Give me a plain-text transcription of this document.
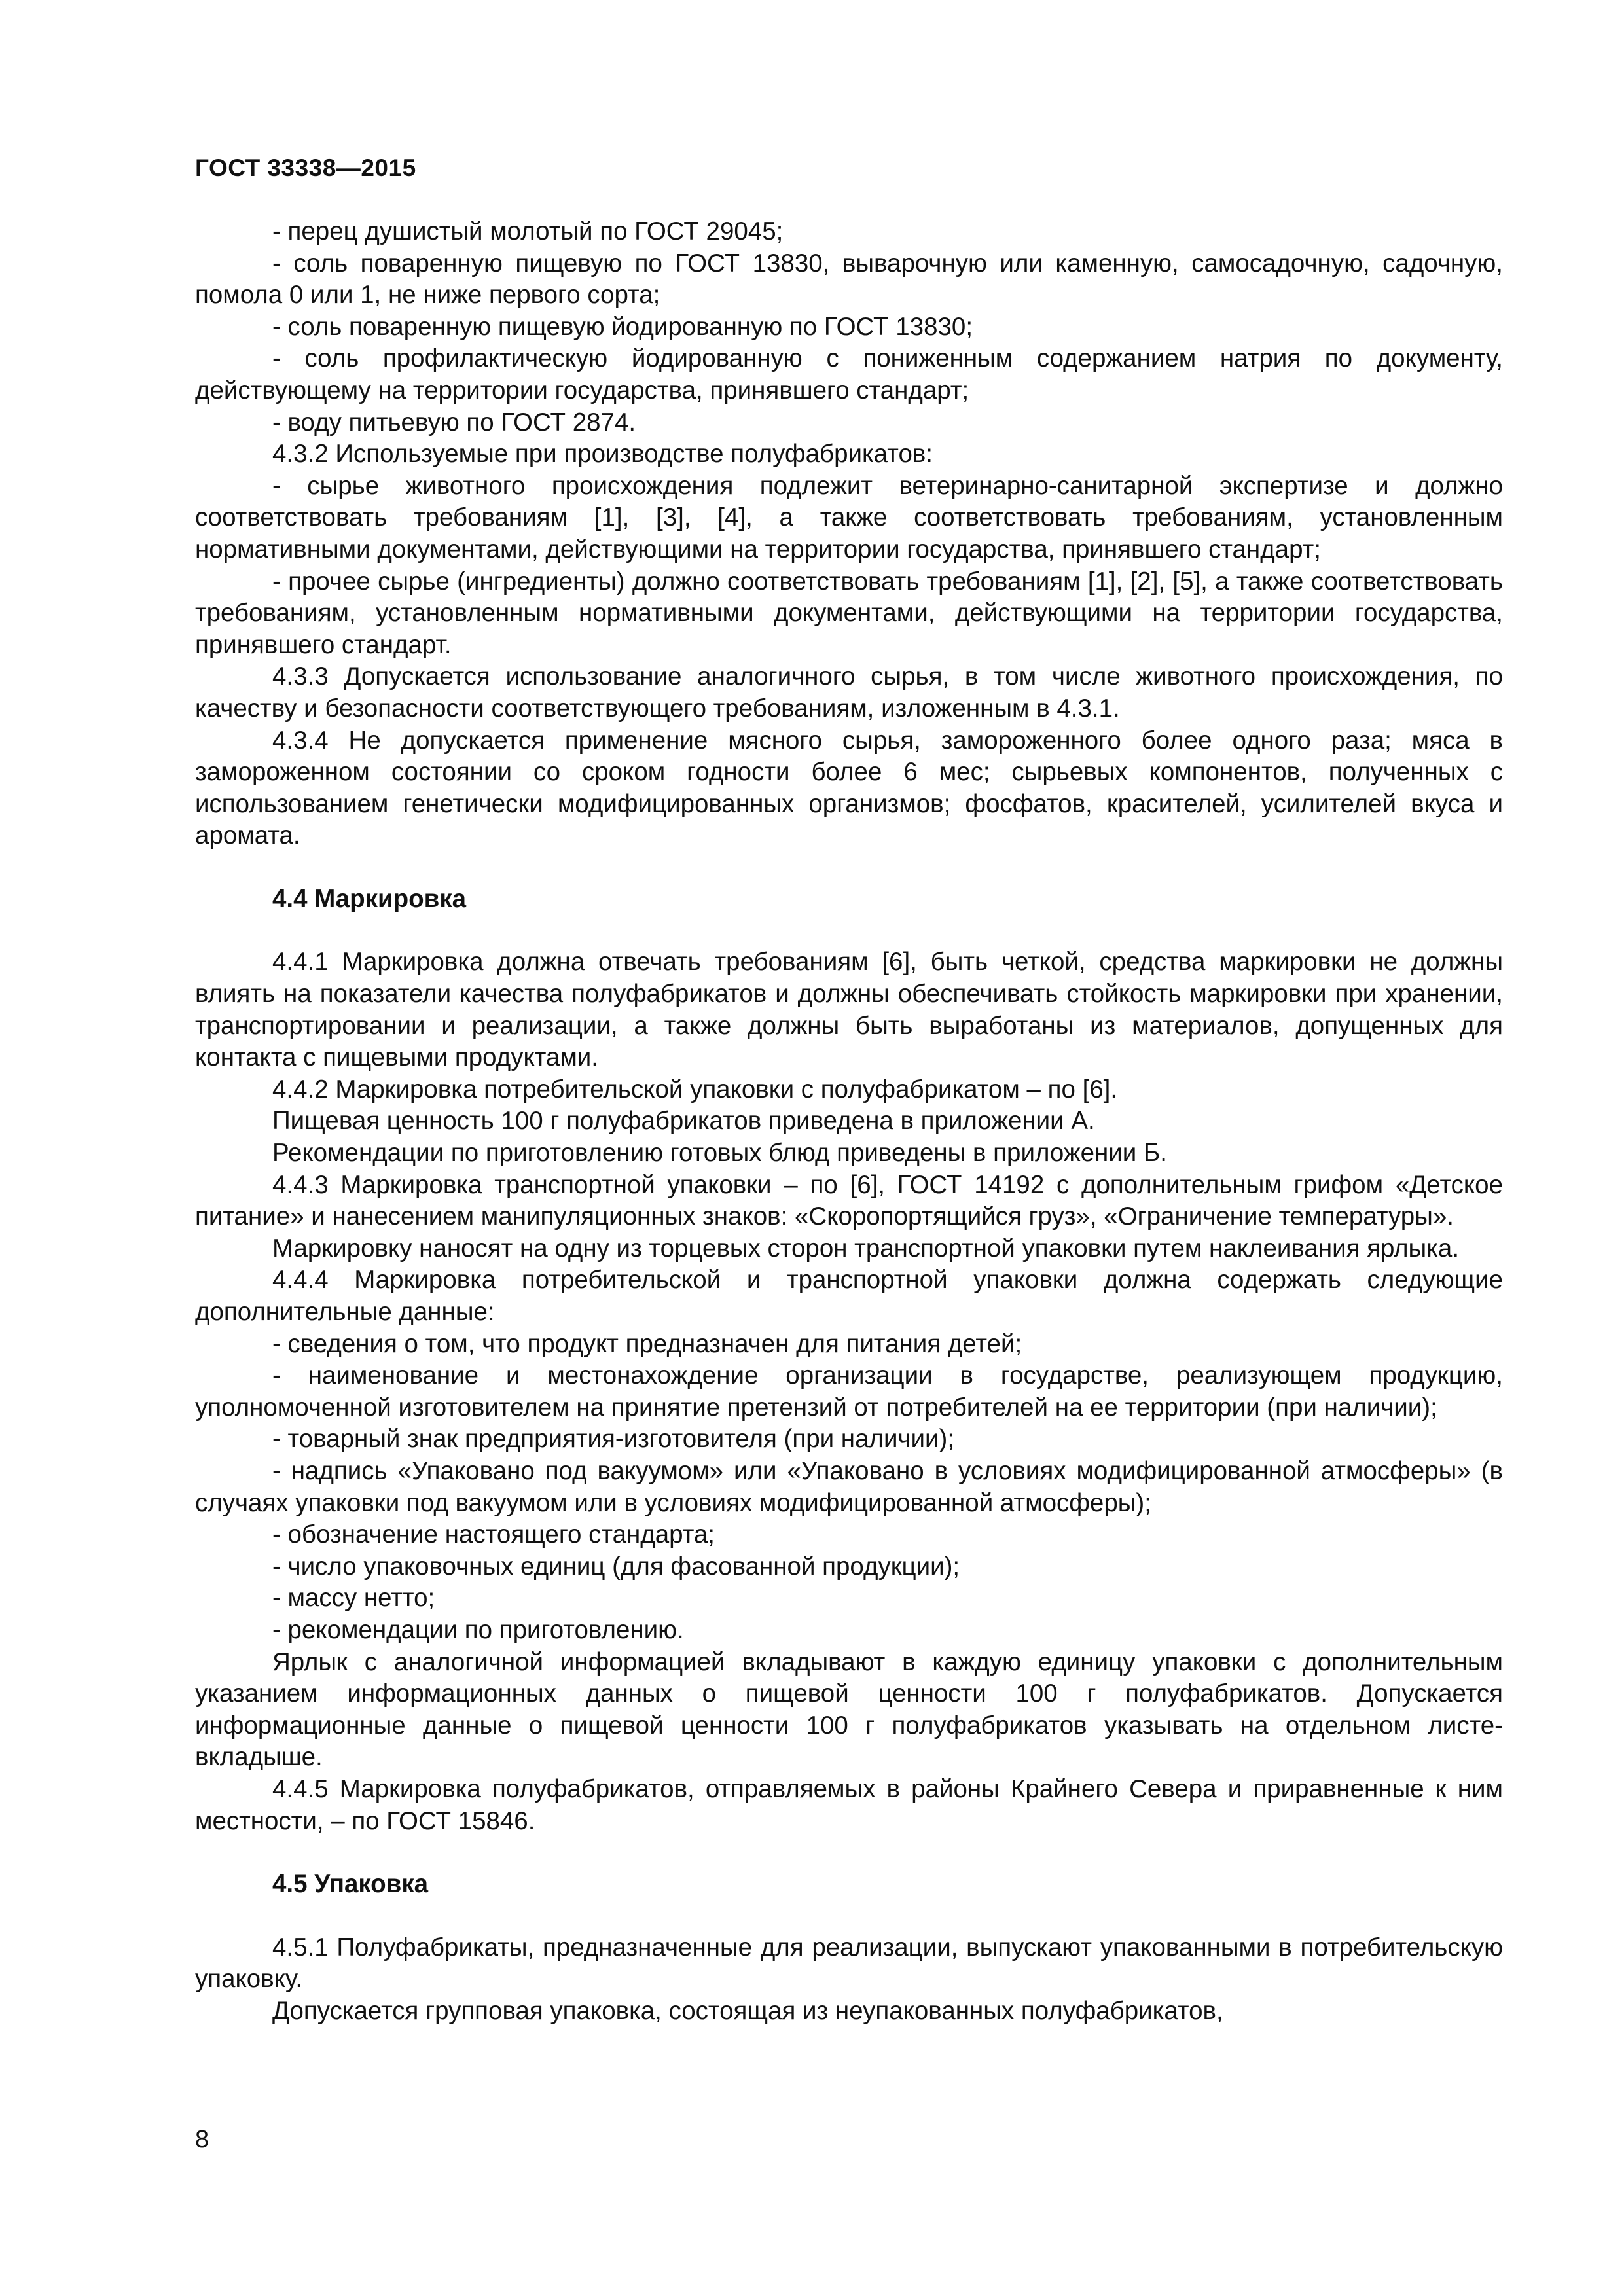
ГОСТ 33338—2015

- перец душистый молотый по ГОСТ 29045;

- соль поваренную пищевую по ГОСТ 13830, выварочную или каменную, самосадочную, садочную, помола 0 или 1, не ниже первого сорта;

- соль поваренную пищевую йодированную по ГОСТ 13830;

- соль профилактическую йодированную с пониженным содержанием натрия по документу, действующему на территории государства, принявшего стандарт;

- воду питьевую по ГОСТ 2874.

4.3.2 Используемые при производстве полуфабрикатов:

- сырье животного происхождения подлежит ветеринарно-санитарной экспертизе и должно соответствовать требованиям [1], [3], [4], а также соответствовать требованиям, установленным нормативными документами, действующими на территории государства, принявшего стандарт;

- прочее сырье (ингредиенты) должно соответствовать требованиям [1], [2], [5], а также соответствовать требованиям, установленным нормативными документами, действующими на территории государства, принявшего стандарт.

4.3.3 Допускается использование аналогичного сырья, в том числе животного происхождения, по качеству и безопасности соответствующего требованиям, изложенным в 4.3.1.

4.3.4 Не допускается применение мясного сырья, замороженного более одного раза; мяса в замороженном состоянии со сроком годности более 6 мес; сырьевых компонентов, полученных с использованием генетически модифицированных организмов; фосфатов, красителей, усилителей вкуса и аромата.

4.4 Маркировка

4.4.1 Маркировка должна отвечать требованиям [6], быть четкой, средства маркировки не должны влиять на показатели качества полуфабрикатов и должны обеспечивать стойкость маркировки при хранении, транспортировании и реализации, а также должны быть выработаны из материалов, допущенных для контакта с пищевыми продуктами.

4.4.2 Маркировка потребительской упаковки с полуфабрикатом – по [6].

Пищевая ценность 100 г полуфабрикатов приведена в приложении А.

Рекомендации по приготовлению готовых блюд приведены в приложении Б.

4.4.3 Маркировка транспортной упаковки – по [6], ГОСТ 14192 с дополнительным грифом «Детское питание» и нанесением манипуляционных знаков: «Скоропортящийся груз», «Ограничение температуры».

Маркировку наносят на одну из торцевых сторон транспортной упаковки путем наклеивания ярлыка.

4.4.4 Маркировка потребительской и транспортной упаковки должна содержать следующие дополнительные данные:

- сведения о том, что продукт предназначен для питания детей;

- наименование и местонахождение организации в государстве, реализующем продукцию, уполномоченной изготовителем на принятие претензий от потребителей на ее территории (при наличии);

- товарный знак предприятия-изготовителя (при наличии);

- надпись «Упаковано под вакуумом» или «Упаковано в условиях модифицированной атмосферы» (в случаях упаковки под вакуумом или в условиях модифицированной атмосферы);

- обозначение настоящего стандарта;

- число упаковочных единиц (для фасованной продукции);

- массу нетто;

- рекомендации по приготовлению.

Ярлык с аналогичной информацией вкладывают в каждую единицу упаковки с дополнительным указанием информационных данных о пищевой ценности 100 г полуфабрикатов. Допускается информационные данные о пищевой ценности 100 г полуфабрикатов указывать на отдельном листе-вкладыше.

4.4.5 Маркировка полуфабрикатов, отправляемых в районы Крайнего Севера и приравненные к ним местности, – по ГОСТ 15846.

4.5 Упаковка

4.5.1 Полуфабрикаты, предназначенные для реализации, выпускают упакованными в потребительскую упаковку.

Допускается групповая упаковка, состоящая из неупакованных полуфабрикатов,

8
